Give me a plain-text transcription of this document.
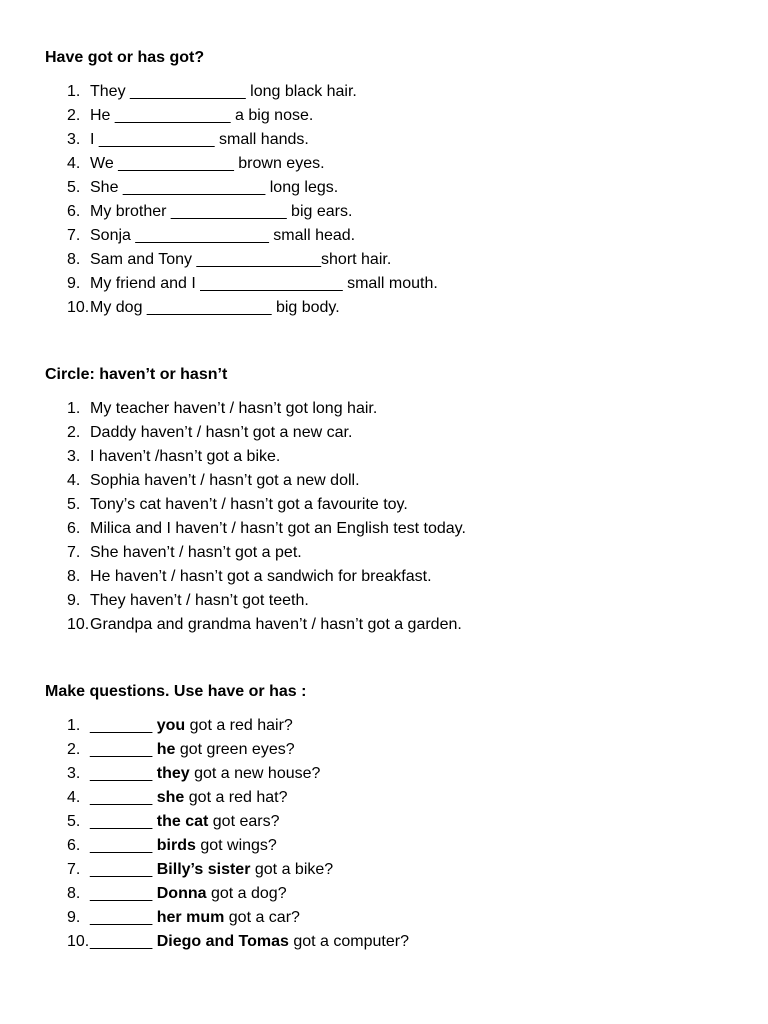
Have got or has got?

1. They _____________ long black hair.
2. He _____________ a big nose.
3. I _____________ small hands.
4. We _____________ brown eyes.
5. She ________________ long legs.
6. My brother _____________ big ears.
7. Sonja _______________ small head.
8. Sam and Tony ______________short hair.
9. My friend and I ________________ small mouth.
10. My dog ______________ big body.

Circle: haven’t or hasn’t

1. My teacher haven’t / hasn’t got long hair.
2. Daddy haven’t / hasn’t got a new car.
3. I haven’t /hasn’t got a bike.
4. Sophia haven’t / hasn’t got a new doll.
5. Tony’s cat haven’t / hasn’t got a favourite toy.
6. Milica and I haven’t / hasn’t got an English test today.
7. She haven’t / hasn’t got a pet.
8. He haven’t / hasn’t got a sandwich for breakfast.
9. They haven’t / hasn’t got teeth.
10. Grandpa and grandma haven’t / hasn’t got a garden.

Make questions. Use have or has :

1. _______ you got a red hair?
2. _______ he got green eyes?
3. _______ they got a new house?
4. _______ she got a red hat?
5. _______ the cat got ears?
6. _______ birds got wings?
7. _______ Billy’s sister got a bike?
8. _______ Donna got a dog?
9. _______ her mum got a car?
10. _______ Diego and Tomas got a computer?
